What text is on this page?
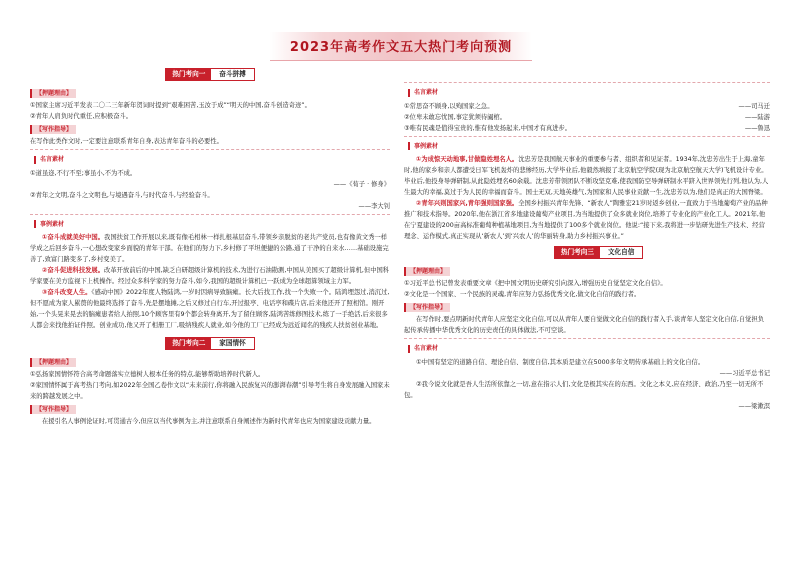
2023年高考作文五大热门考向预测
热门考向一	奋斗拼搏
【押题理由】

①国家主席习近平发表二〇二三年新年贺词时提到“艰难困苦,玉汝于成”“明天的中国,奋斗创造奇迹”。

②青年人肩负时代重任,应积极奋斗。

【写作指导】

在写作此类作文时,一定要注意联系青年自身,表达青年奋斗的必要性。

名言素材
①道虽迩,不行不至;事虽小,不为不成。
——《荀子 · 修身》
②青年之文明,奋斗之文明也,与境遇奋斗,与时代奋斗,与经验奋斗。
——李大钊
事例素材

①奋斗成就美好中国。我国扶贫工作开展以来,既有像毛相林一样扎根基层奋斗,带领乡亲脱贫的老共产党员,也有像黄文秀一样学成之后回乡奋斗,一心想改变家乡面貌的青年干部。在他们的努力下,乡村修了平坦便捷的公路,通了干净的自来水……基础设施完善了,致富门路变多了,乡村变美了。

②奋斗促进科技发展。改革开放前后的中国,缺乏自研超级计算机的技术,为进行石油勘测,中国从美国买了超级计算机,但中国科学家要在美方监视下上机操作。经过众多科学家的努力奋斗,如今,我国的超级计算机已一跃成为全球超算领域主力军。

③奋斗改变人生。《感动中国》2022年度人物陆鸿,一岁时因病导致脑瘫。长大后找工作,找一个失败一个。陆鸿埋怨过,消沉过,但不愿成为家人累赘的他最终选择了奋斗,先是摆地摊,之后又修过自行车,开过报亭、电话亭和碟片店,后来他还开了照相馆。刚开始,一个头晃来晃去的脑瘫患者给人拍照,10个顾客里有9个都会转身离开,为了留住顾客,陆鸿苦练修图技术,练了一手绝活,后来很多人都会来找他拍证件照。创业成功,他又开了相册工厂,吸纳残疾人就业,如今他的工厂已经成为远近闻名的残疾人扶贫创业基地。

热门考向二	家国情怀
【押题理由】

①弘扬家国情怀符合高考命题落实立德树人根本任务的特点,能够帮助培养时代新人。

②家国情怀属于高考热门考向,如2022年全国乙卷作文以“未来前行,你将融入民族复兴的澎湃春潮”引导考生将自身发展融入国家未来的跨越发展之中。

【写作指导】

在援引名人事例论证时,可贯通古今,但应以当代事例为主,并注意联系自身阐述作为新时代青年也应为国家建设贡献力量。

名言素材
①常思奋不顾身,以殉国家之急。	——司马迁
②位卑未敢忘忧国,事定犹须待阖棺。	——陆游
③唯有民魂是值得宝贵的,惟有他发扬起来,中国才有真进步。	——鲁迅
事例素材

①为成惊天动地事,甘做隐姓埋名人。沈忠芳是我国航天事业的重要参与者、组织者和见证者。1934年,沈忠芳出生于上海,童年时,他的家乡和亲人都遭受日军飞机轰炸的悲惨经历,大学毕业后,他毅然填报了北京航空学院(现为北京航空航天大学)飞机设计专业。毕业后,他投身导弹研制,从此隐姓埋名60余载。沈忠芳带领团队不断攻坚克难,使我国防空导弹研制水平跻入世界领先行列,他认为,人生最大的幸福,莫过于为人民的幸福而奋斗。国士无双,天地英雄气,为国家和人民事业贡献一生,沈忠芳以为,他们是真正的大国脊梁。

②青年兴则国家兴,青年强则国家强。全国乡村振兴青年先锋、“新农人”陶雅宏21岁时返乡创业,一直致力于当地葡萄产业的品种推广和技术指导。2020年,他在浙江省多地建设葡萄产业项目,为当地提供了众多就业岗位,培养了专业化的产业化工人。2021年,他在宁夏建设的200亩高标准葡萄种植基地项目,为当地提供了100多个就业岗位。他说:“接下来,我将进一步钻研先进生产技术、经营理念、运作模式,真正实现从‘新农人’到‘兴农人’的华丽转身,助力乡村振兴事业。”

热门考向三	文化自信
【押题理由】

①习近平总书记曾发表重要文章《把中国文明历史研究引向深入,增强历史自觉坚定文化自信》。

②文化是一个国家、一个民族的灵魂,青年应努力弘扬优秀文化,做文化自信的践行者。

【写作指导】

在写作时,要点明新时代青年人应坚定文化自信,可以从青年人要自觉做文化自信的践行者入手,谈青年人坚定文化自信,自觉担负起传承传播中华优秀文化的历史责任的具体做法,不可空谈。

名言素材

①中国有坚定的道路自信、理论自信、制度自信,其本质是建立在5000多年文明传承基础上的文化自信。

——习近平总书记

②我今说文化就是吾人生活所依靠之一切,意在指示人们,文化是极其实在的东西。文化之本义,应在经济、政治,乃至一切无所不包。

——梁漱溟
